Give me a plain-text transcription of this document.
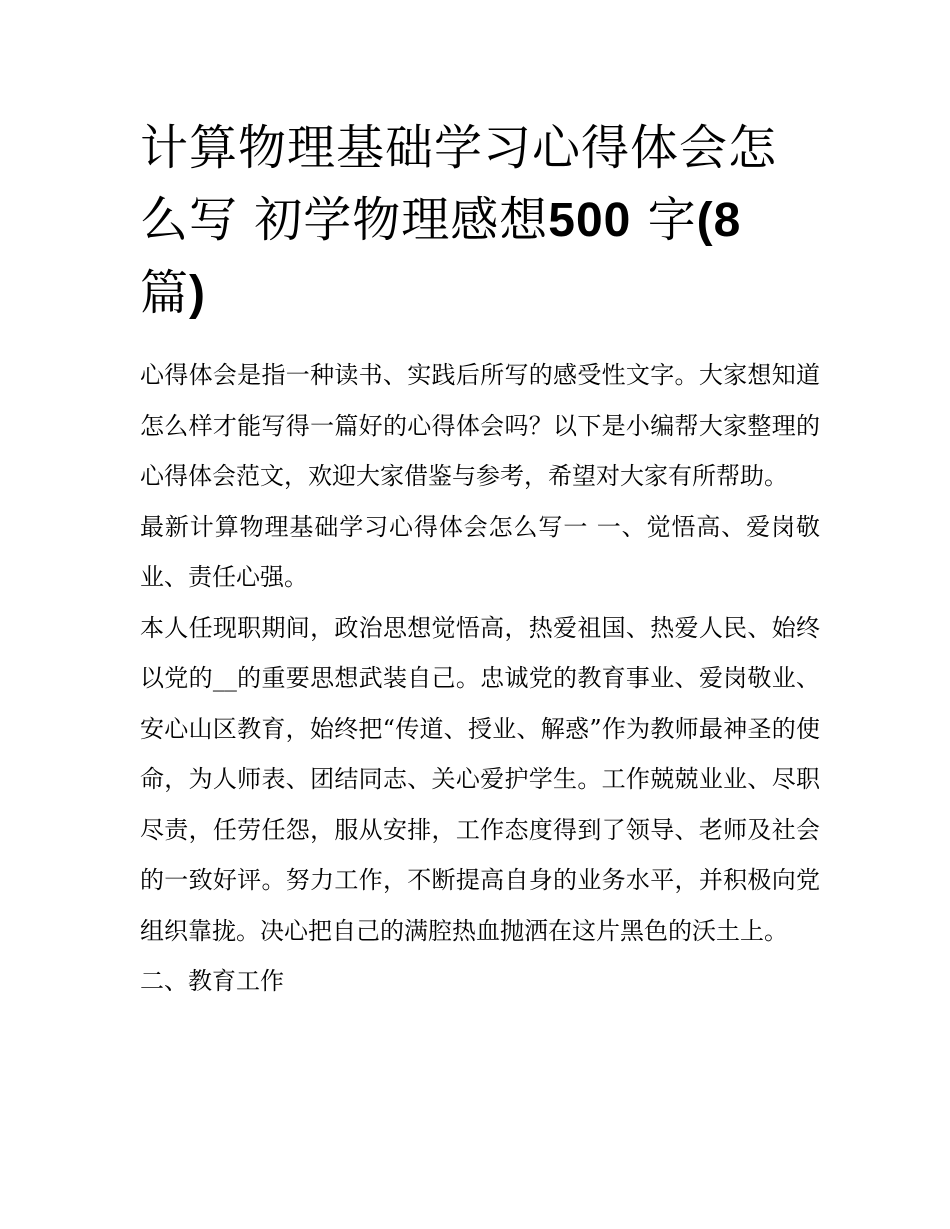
计算物理基础学习心得体会怎么写 初学物理感想500 字(8 篇)

心得体会是指一种读书、实践后所写的感受性文字。大家想知道怎么样才能写得一篇好的心得体会吗？以下是小编帮大家整理的心得体会范文，欢迎大家借鉴与参考，希望对大家有所帮助。

最新计算物理基础学习心得体会怎么写一 一、觉悟高、爱岗敬业、责任心强。

本人任现职期间，政治思想觉悟高，热爱祖国、热爱人民、始终以党的__的重要思想武装自己。忠诚党的教育事业、爱岗敬业、安心山区教育，始终把“传道、授业、解惑”作为教师最神圣的使命，为人师表、团结同志、关心爱护学生。工作兢兢业业、尽职尽责，任劳任怨，服从安排，工作态度得到了领导、老师及社会的一致好评。努力工作，不断提高自身的业务水平，并积极向党组织靠拢。决心把自己的满腔热血抛洒在这片黑色的沃土上。

二、教育工作
